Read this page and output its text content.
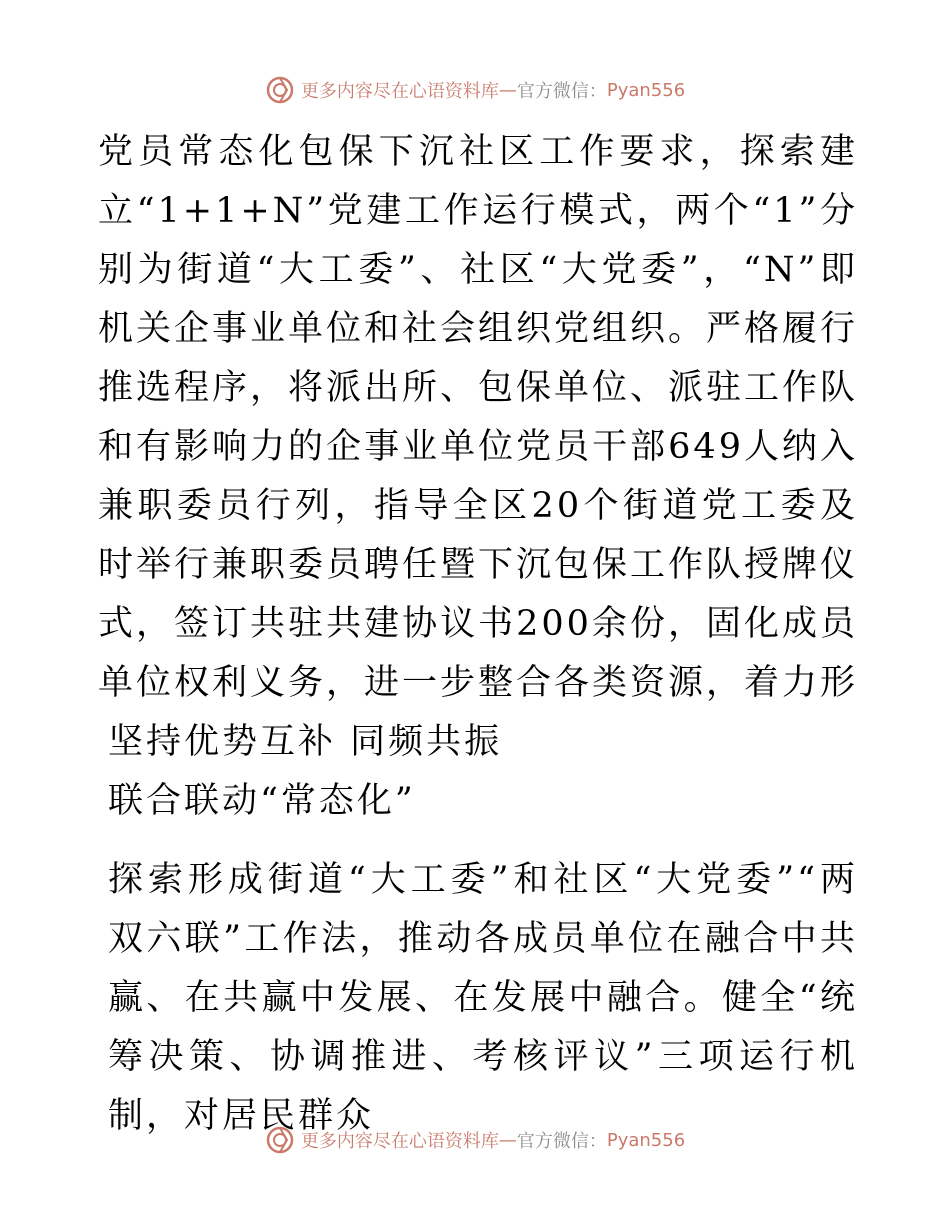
更多内容尽在心语资料库 — 官方微信： Pyan556

党员常态化包保下沉社区工作要求，探索建立“1+1+N”党建工作运行模式，两个“1”分别为街道“大工委”、社区“大党委”，“N”即机关企事业单位和社会组织党组织。严格履行推选程序，将派出所、包保单位、派驻工作队和有影响力的企事业单位党员干部649人纳入兼职委员行列，指导全区20个街道党工委及时举行兼职委员聘任暨下沉包保工作队授牌仪式，签订共驻共建协议书200余份，固化成员单位权利义务，进一步整合各类资源，着力形

坚持优势互补 同频共振

联合联动“常态化”

探索形成街道“大工委”和社区“大党委”“两双六联”工作法，推动各成员单位在融合中共赢、在共赢中发展、在发展中融合。健全“统筹决策、协调推进、考核评议”三项运行机制，对居民群众

更多内容尽在心语资料库 — 官方微信： Pyan556
